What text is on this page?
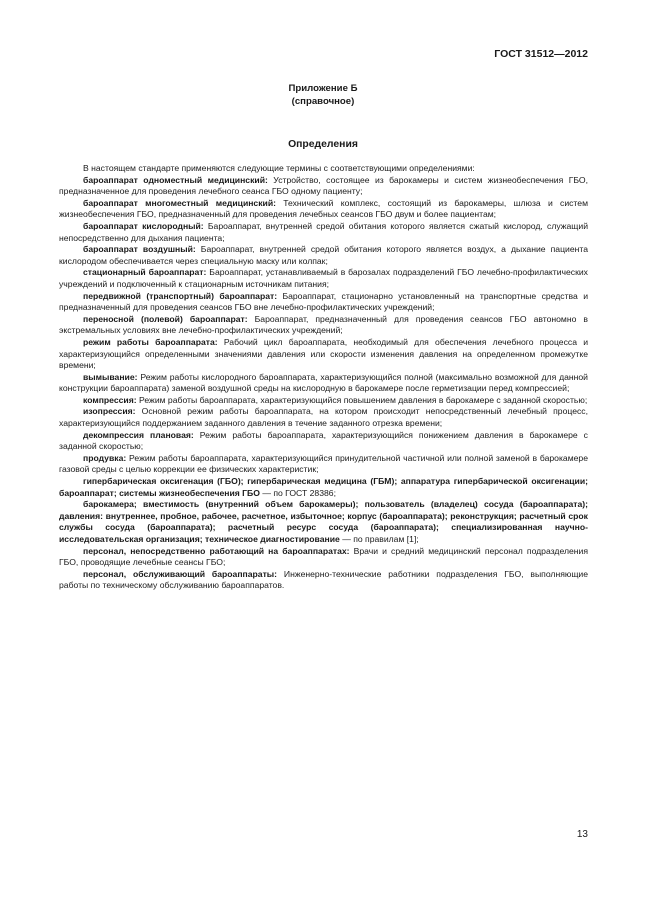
ГОСТ 31512—2012
Приложение Б
(справочное)
Определения

В настоящем стандарте применяются следующие термины с соответствующими определениями:

бароаппарат одноместный медицинский: Устройство, состоящее из барокамеры и систем жизнеобеспечения ГБО, предназначенное для проведения лечебного сеанса ГБО одному пациенту;

бароаппарат многоместный медицинский: Технический комплекс, состоящий из барокамеры, шлюза и систем жизнеобеспечения ГБО, предназначенный для проведения лечебных сеансов ГБО двум и более пациентам;

бароаппарат кислородный: Бароаппарат, внутренней средой обитания которого является сжатый кислород, служащий непосредственно для дыхания пациента;

бароаппарат воздушный: Бароаппарат, внутренней средой обитания которого является воздух, а дыхание пациента кислородом обеспечивается через специальную маску или колпак;

стационарный бароаппарат: Бароаппарат, устанавливаемый в барозалах подразделений ГБО лечебно-профилактических учреждений и подключенный к стационарным источникам питания;

передвижной (транспортный) бароаппарат: Бароаппарат, стационарно установленный на транспортные средства и предназначенный для проведения сеансов ГБО вне лечебно-профилактических учреждений;

переносной (полевой) бароаппарат: Бароаппарат, предназначенный для проведения сеансов ГБО автономно в экстремальных условиях вне лечебно-профилактических учреждений;

режим работы бароаппарата: Рабочий цикл бароаппарата, необходимый для обеспечения лечебного процесса и характеризующийся определенными значениями давления или скорости изменения давления на определенном промежутке времени;

вымывание: Режим работы кислородного бароаппарата, характеризующийся полной (максимально возможной для данной конструкции бароаппарата) заменой воздушной среды на кислородную в барокамере после герметизации перед компрессией;

компрессия: Режим работы бароаппарата, характеризующийся повышением давления в барокамере с заданной скоростью;

изопрессия: Основной режим работы бароаппарата, на котором происходит непосредственный лечебный процесс, характеризующийся поддержанием заданного давления в течение заданного отрезка времени;

декомпрессия плановая: Режим работы бароаппарата, характеризующийся понижением давления в барокамере с заданной скоростью;

продувка: Режим работы бароаппарата, характеризующийся принудительной частичной или полной заменой в барокамере газовой среды с целью коррекции ее физических характеристик;

гипербарическая оксигенация (ГБО); гипербарическая медицина (ГБМ); аппаратура гипербарической оксигенации; бароаппарат; системы жизнеобеспечения ГБО — по ГОСТ 28386;

барокамера; вместимость (внутренний объем барокамеры); пользователь (владелец) сосуда (бароаппарата); давления: внутреннее, пробное, рабочее, расчетное, избыточное; корпус (бароаппарата); реконструкция; расчетный срок службы сосуда (бароаппарата); расчетный ресурс сосуда (бароаппарата); специализированная научно-исследовательская организация; техническое диагностирование — по правилам [1];

персонал, непосредственно работающий на бароаппаратах: Врачи и средний медицинский персонал подразделения ГБО, проводящие лечебные сеансы ГБО;

персонал, обслуживающий бароаппараты: Инженерно-технические работники подразделения ГБО, выполняющие работы по техническому обслуживанию бароаппаратов.

13
